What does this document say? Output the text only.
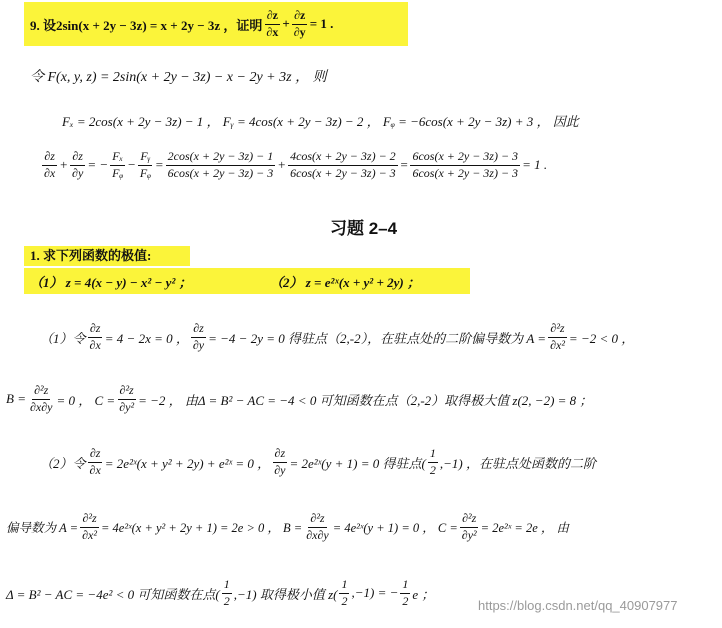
9. 设2sin(x + 2y − 3z) = x + 2y − 3z ，证明 $\frac{\partial z}{\partial x} + \frac{\partial z}{\partial y} = 1$ .
令 F(x, y, z) = 2sin(x + 2y − 3z) − x − 2y + 3z ， 则
Fₓ = 2cos(x + 2y − 3z) − 1 ， Fᵧ = 4cos(x + 2y − 3z) − 2 ， Fᵩ = −6cos(x + 2y − 3z) + 3 ， 因此
$\frac{\partial z}{\partial x} + \frac{\partial z}{\partial y}$ = − $\frac{\text{Fₓ}}{\text{Fᵩ}} - \frac{\text{Fᵧ}}{\text{Fᵩ}} = \frac{2\cos(x + 2y - 3z) - 1}{6\cos(x + 2y - 3z) - 3} + \frac{4\cos(x + 2y - 3z) - 2}{6\cos(x + 2y - 3z) - 3} = \frac{6\cos(x + 2y - 3z) - 3}{6\cos(x + 2y - 3z) - 3} = 1$ .
习题 2–4
1. 求下列函数的极值:
（1） z = 4(x − y) − x² − y² ；	（2） z = e²ˣ(x + y² + 2y) ；
（1）令 $\frac{\partial z}{\partial x} = 4 - 2x = 0$ ， $\frac{\partial z}{\partial y} = -4 - 2y = 0$ 得驻点（2,-2），在驻点处的二阶偏导数为 $A = \frac{\text{∂²z}}{\text{∂x²}} = -2 < 0$ ，
$B = \frac{\text{∂²z}}{\partial x\partial y} = 0$ ， $C = \frac{\text{∂²z}}{\text{∂y²}} = -2$ ， 由Δ = B² − AC = −4 < 0 可知函数在点（2,-2）取得极大值 z(2, −2) = 8 ；
（2）令 $\frac{\partial z}{\partial x}$ = 2e²ˣ(x + y² + 2y) + e²ˣ = 0 ， $\frac{\partial z}{\partial y}$ = 2e²ˣ(y + 1) = 0 得驻点( $\frac{1}{2} ,-1$) ，在驻点处函数的二阶
偏导数为 $A = \frac{\text{∂²z}}{\text{∂x²}}$ = 4e²ˣ(x + y² + 2y + 1) = 2e > 0 ， $B = \frac{\text{∂²z}}{\partial x\partial y}$ = 4e²ˣ(y + 1) = 0 ， $C = \frac{\text{∂²z}}{\text{∂y²}}$ = 2e²ˣ = 2e ， 由
Δ = B² − AC = −4e² < 0 可知函数在点( $\frac{1}{2} ,-1$) 取得极小值 $z( \frac{1}{2} ,-1)$ = − $\frac{1}{2}$ e ；
https://blog.csdn.net/qq_40907977
